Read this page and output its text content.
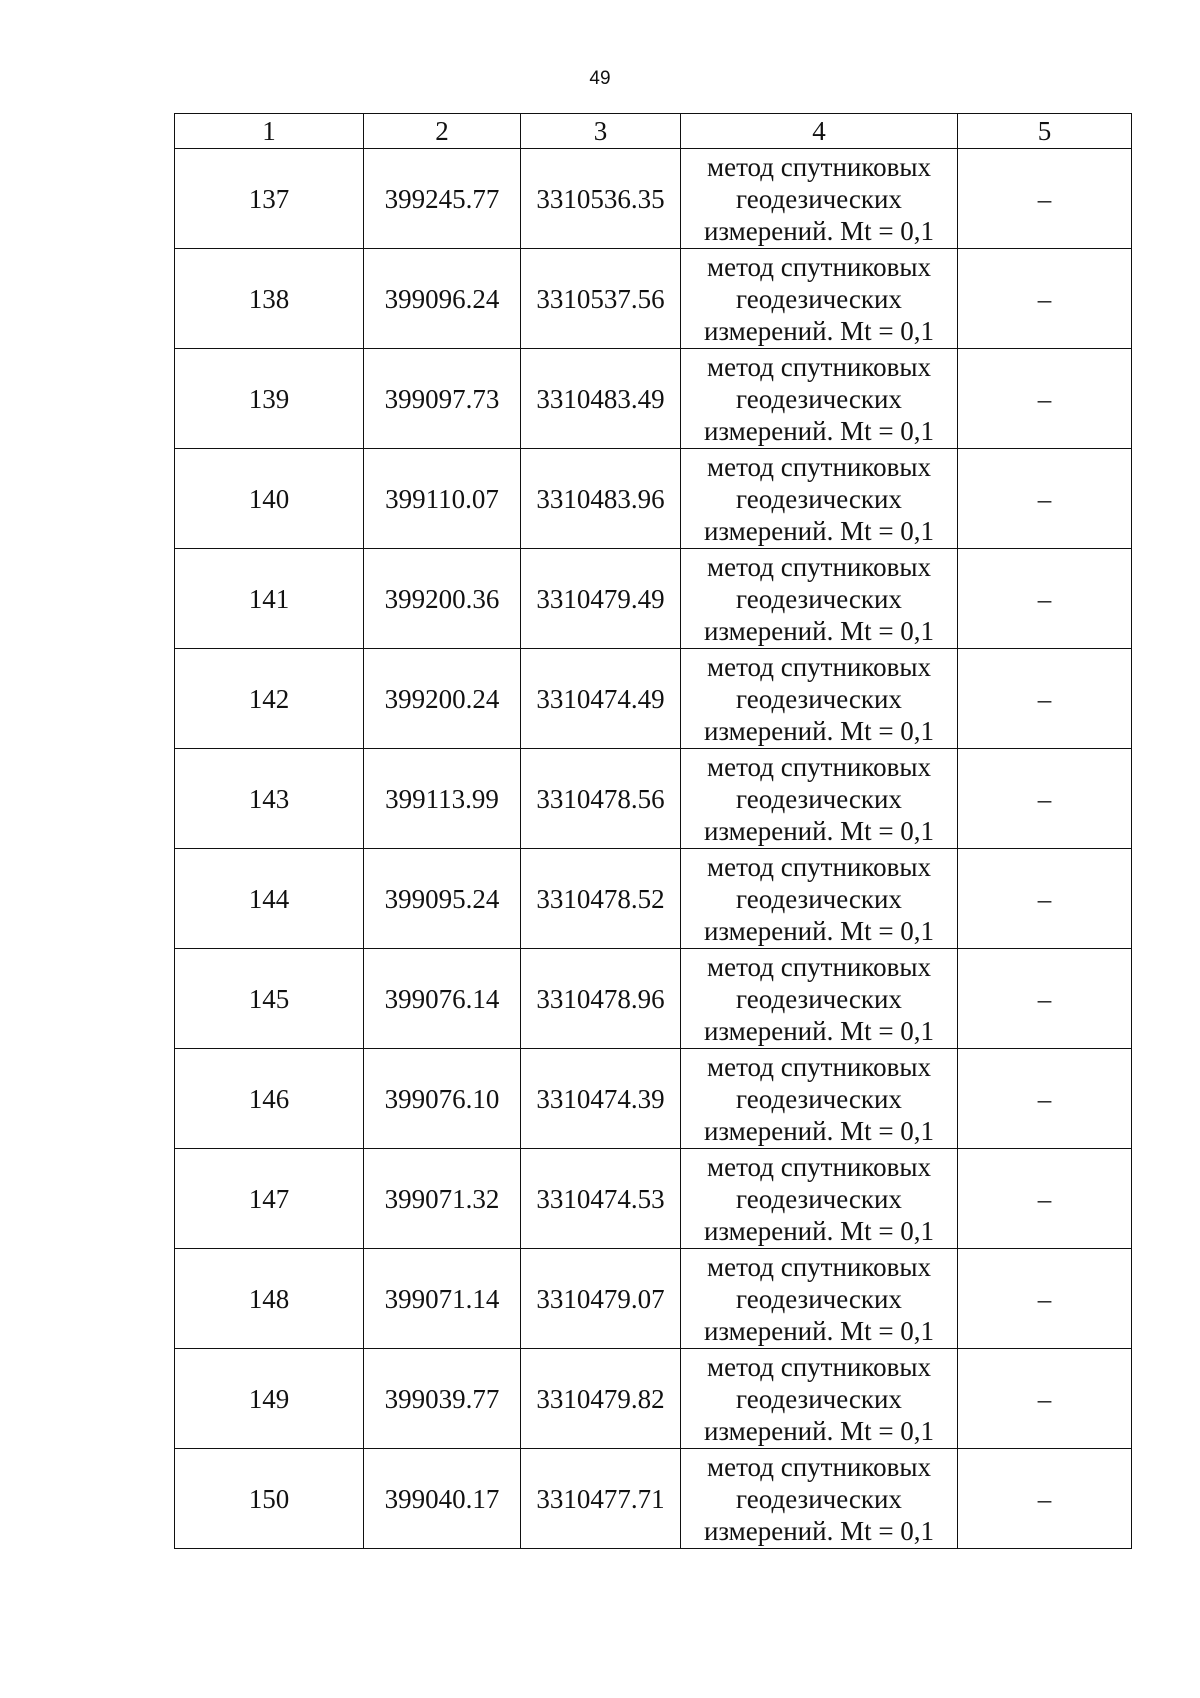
49
1	2	3	4	5
137	399245.77	3310536.35	метод спутниковых
геодезических
измерений. Mt = 0,1	–
138	399096.24	3310537.56	метод спутниковых
геодезических
измерений. Mt = 0,1	–
139	399097.73	3310483.49	метод спутниковых
геодезических
измерений. Mt = 0,1	–
140	399110.07	3310483.96	метод спутниковых
геодезических
измерений. Mt = 0,1	–
141	399200.36	3310479.49	метод спутниковых
геодезических
измерений. Mt = 0,1	–
142	399200.24	3310474.49	метод спутниковых
геодезических
измерений. Mt = 0,1	–
143	399113.99	3310478.56	метод спутниковых
геодезических
измерений. Mt = 0,1	–
144	399095.24	3310478.52	метод спутниковых
геодезических
измерений. Mt = 0,1	–
145	399076.14	3310478.96	метод спутниковых
геодезических
измерений. Mt = 0,1	–
146	399076.10	3310474.39	метод спутниковых
геодезических
измерений. Mt = 0,1	–
147	399071.32	3310474.53	метод спутниковых
геодезических
измерений. Mt = 0,1	–
148	399071.14	3310479.07	метод спутниковых
геодезических
измерений. Mt = 0,1	–
149	399039.77	3310479.82	метод спутниковых
геодезических
измерений. Mt = 0,1	–
150	399040.17	3310477.71	метод спутниковых
геодезических
измерений. Mt = 0,1	–
